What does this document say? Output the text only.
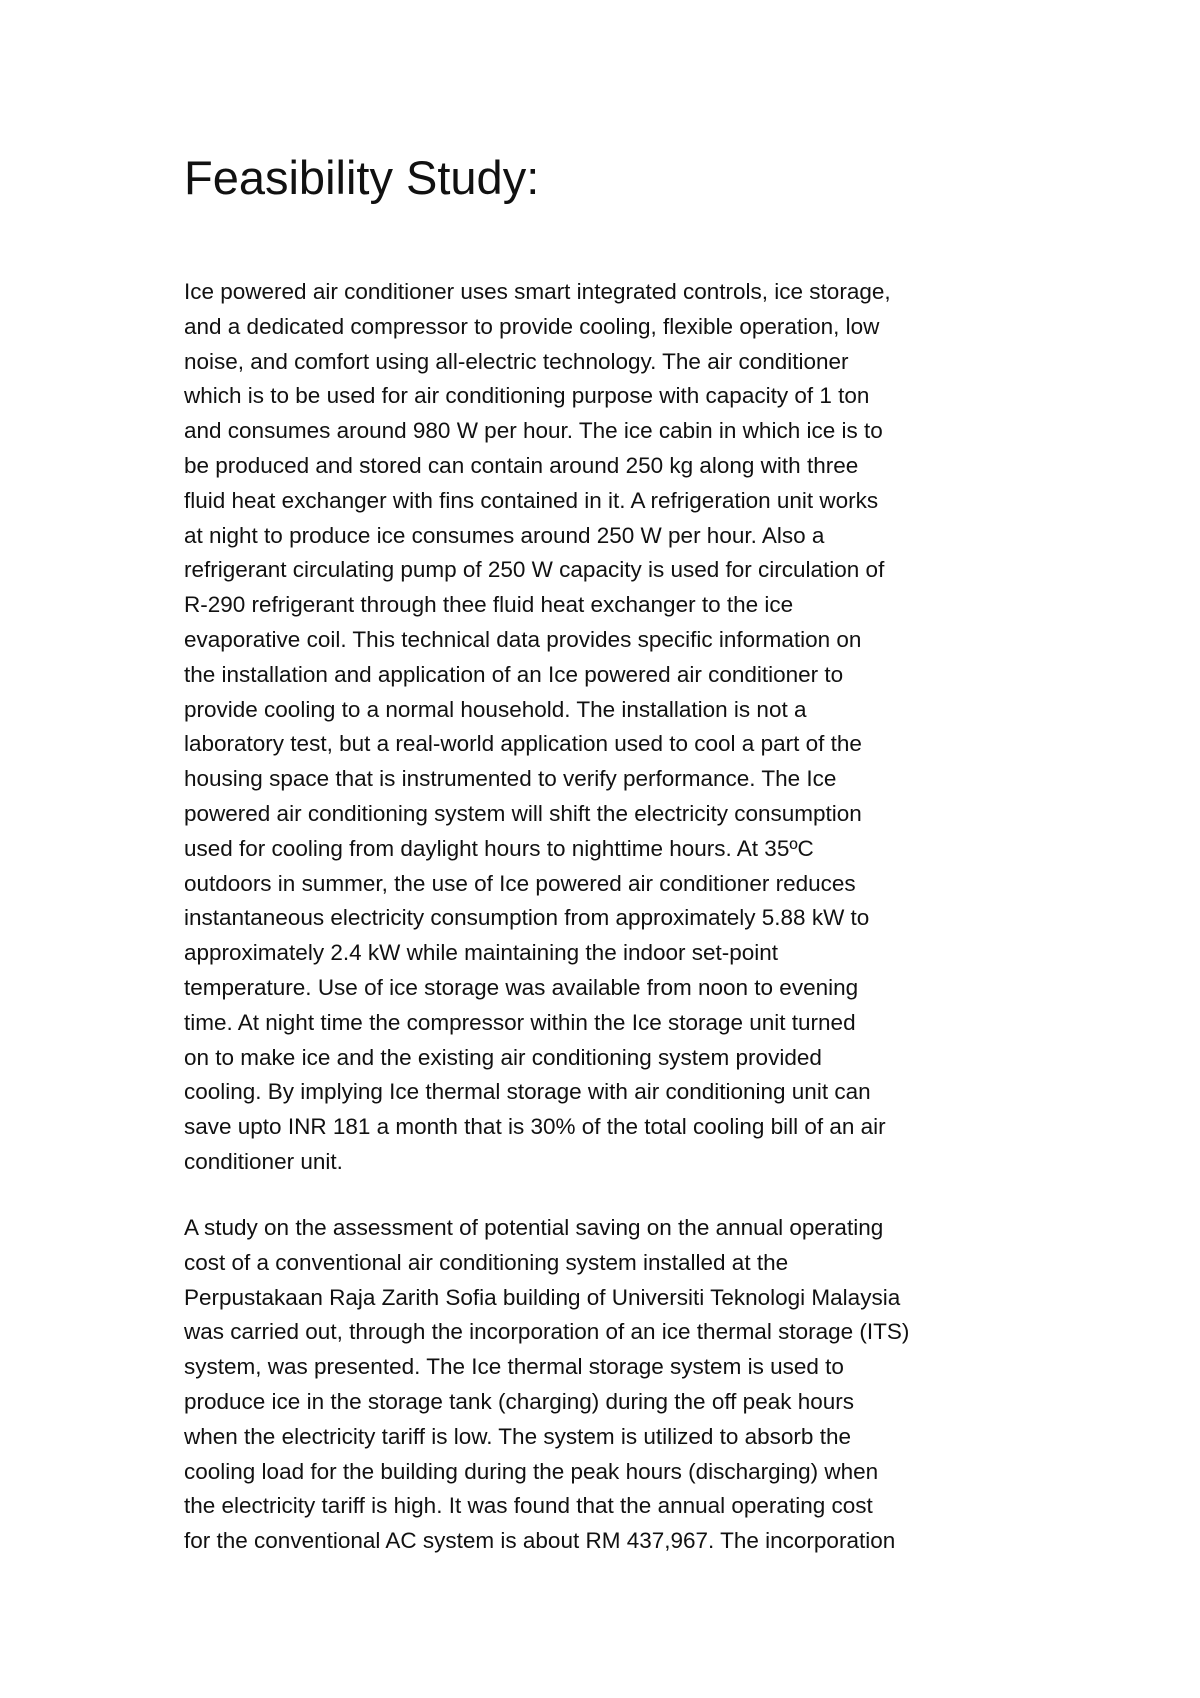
Feasibility Study:

Ice powered air conditioner uses smart integrated controls, ice storage,
and a dedicated compressor to provide cooling, flexible operation, low
noise, and comfort using all-electric technology. The air conditioner
which is to be used for air conditioning purpose with capacity of 1 ton
and consumes around 980 W per hour. The ice cabin in which ice is to
be produced and stored can contain around 250 kg along with three
fluid heat exchanger with fins contained in it. A refrigeration unit works
at night to produce ice consumes around 250 W per hour. Also a
refrigerant circulating pump of 250 W capacity is used for circulation of
R-290 refrigerant through thee fluid heat exchanger to the ice
evaporative coil. This technical data provides specific information on
the installation and application of an Ice powered air conditioner to
provide cooling to a normal household. The installation is not a
laboratory test, but a real-world application used to cool a part of the
housing space that is instrumented to verify performance. The Ice
powered air conditioning system will shift the electricity consumption
used for cooling from daylight hours to nighttime hours. At 35ºC
outdoors in summer, the use of Ice powered air conditioner reduces
instantaneous electricity consumption from approximately 5.88 kW to
approximately 2.4 kW while maintaining the indoor set-point
temperature. Use of ice storage was available from noon to evening
time. At night time the compressor within the Ice storage unit turned
on to make ice and the existing air conditioning system provided
cooling. By implying Ice thermal storage with air conditioning unit can
save upto INR 181 a month that is 30% of the total cooling bill of an air
conditioner unit.

A study on the assessment of potential saving on the annual operating
cost of a conventional air conditioning system installed at the
Perpustakaan Raja Zarith Sofia building of Universiti Teknologi Malaysia
was carried out, through the incorporation of an ice thermal storage (ITS)
system, was presented. The Ice thermal storage system is used to
produce ice in the storage tank (charging) during the off peak hours
when the electricity tariff is low. The system is utilized to absorb the
cooling load for the building during the peak hours (discharging) when
the electricity tariff is high. It was found that the annual operating cost
for the conventional AC system is about RM 437,967. The incorporation
